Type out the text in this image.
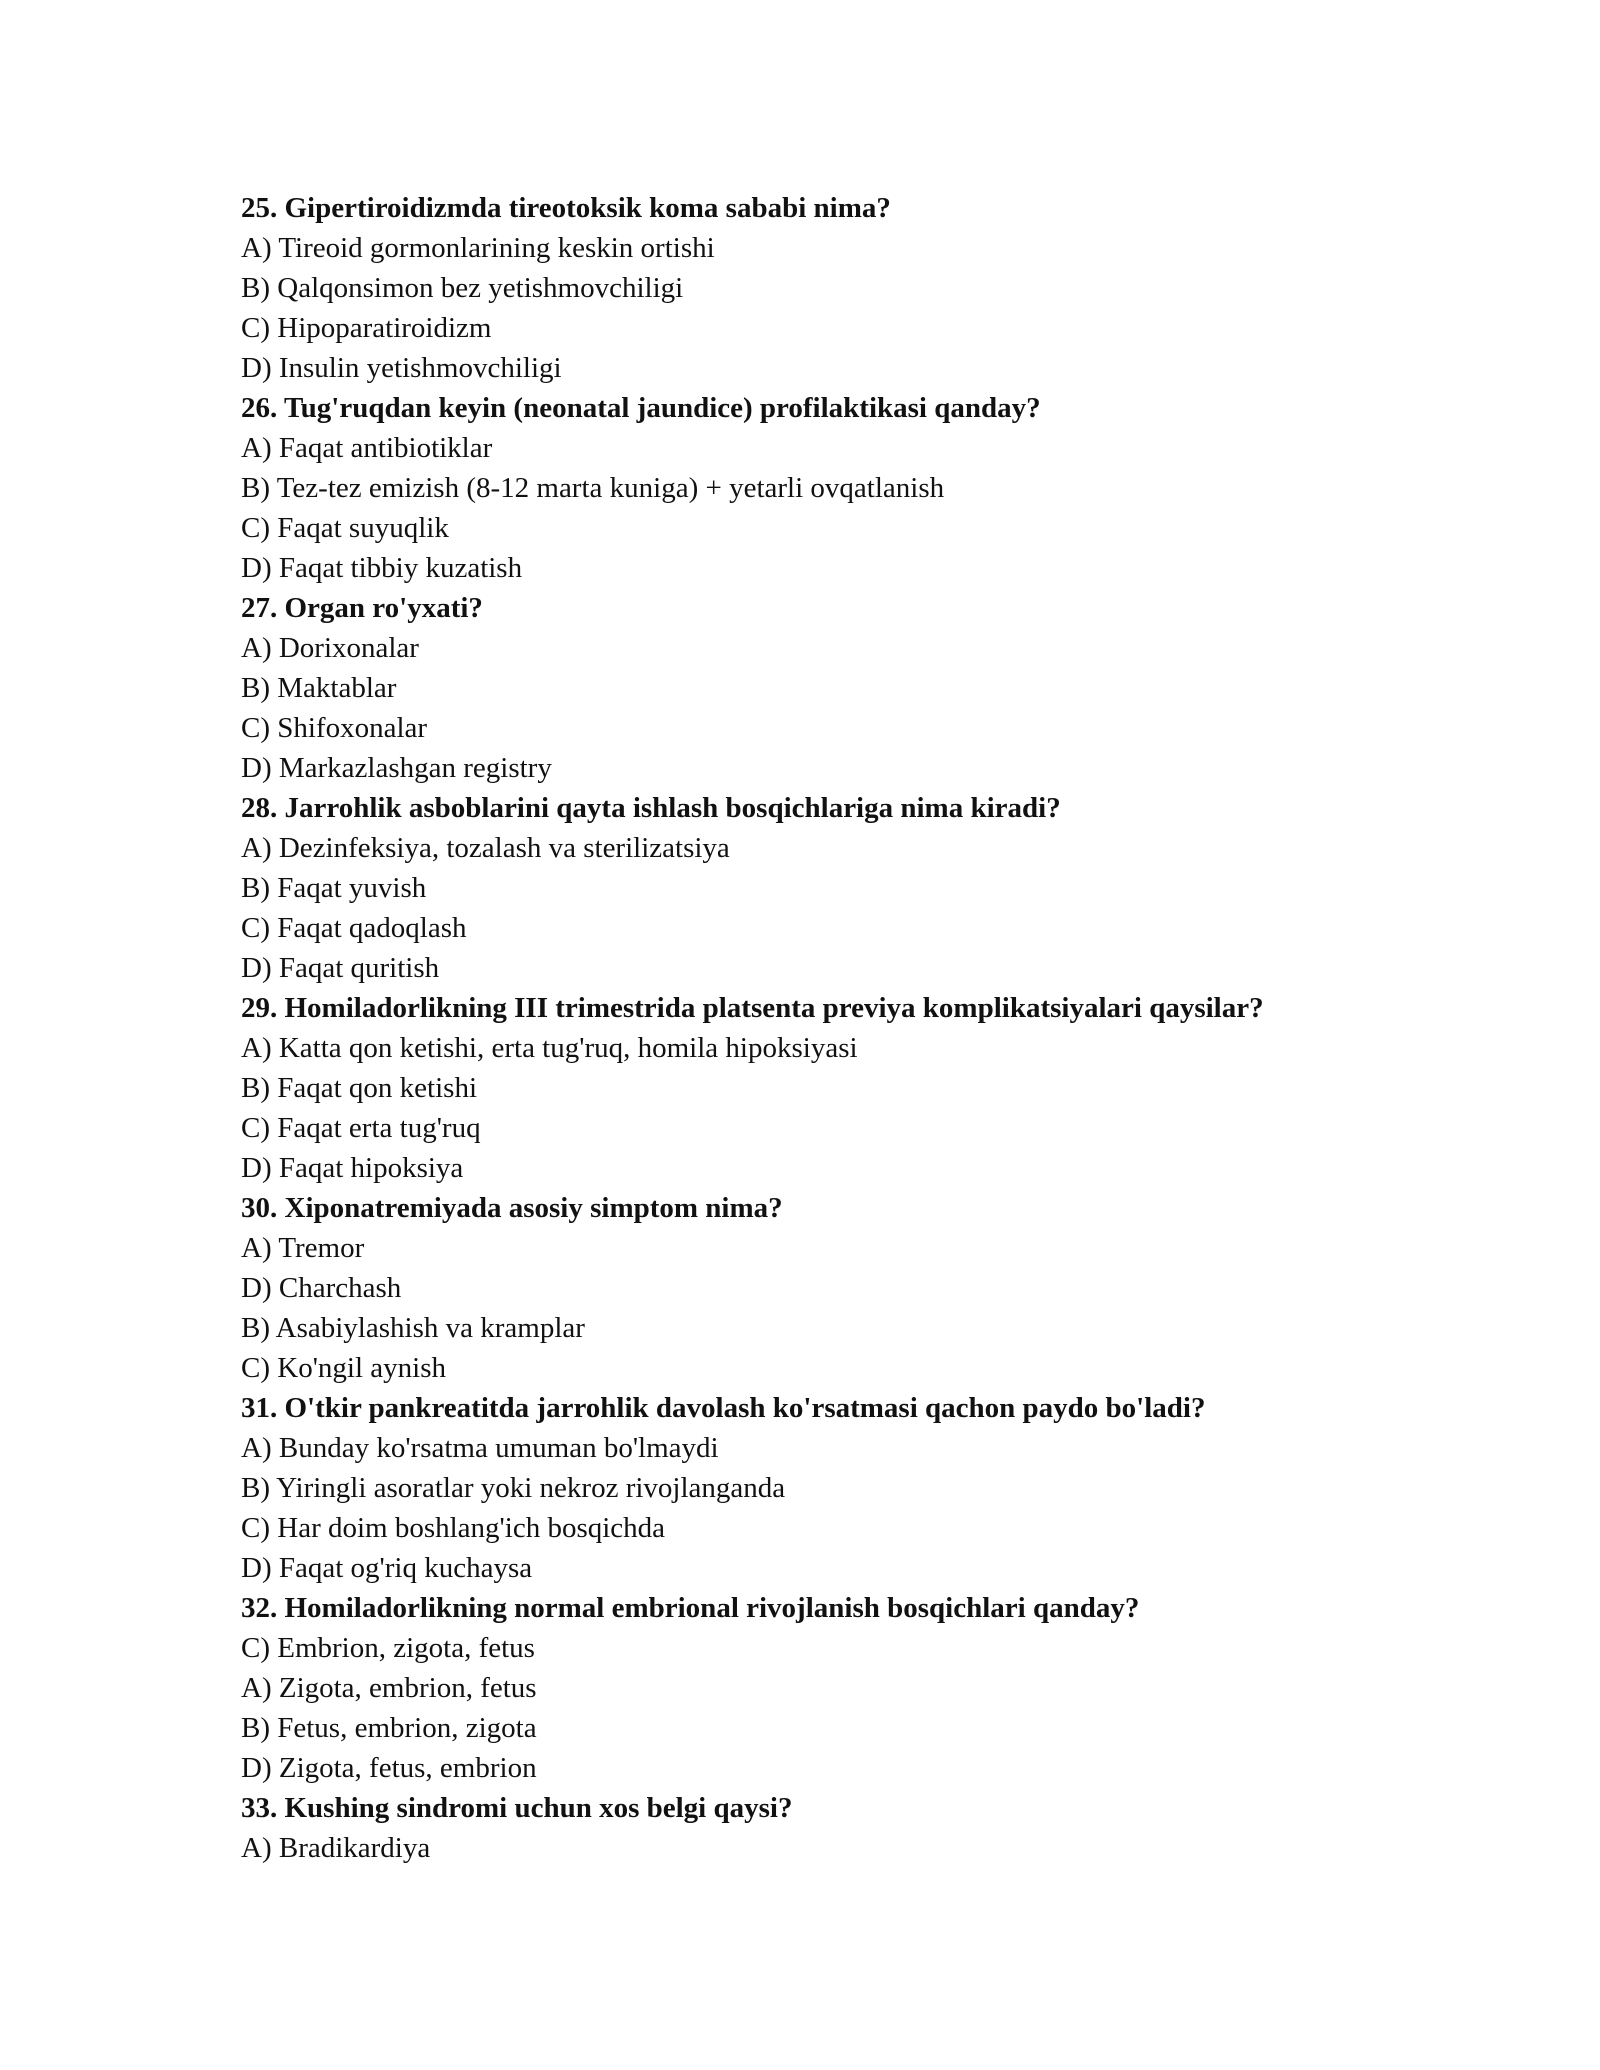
25. Gipertiroidizmda tireotoksik koma sababi nima?
A) Tireoid gormonlarining keskin ortishi
B) Qalqonsimon bez yetishmovchiligi
C) Hipoparatiroidizm
D) Insulin yetishmovchiligi
26. Tug'ruqdan keyin (neonatal jaundice) profilaktikasi qanday?
A) Faqat antibiotiklar
B) Tez-tez emizish (8-12 marta kuniga) + yetarli ovqatlanish
C) Faqat suyuqlik
D) Faqat tibbiy kuzatish
27. Organ ro'yxati?
A) Dorixonalar
B) Maktablar
C) Shifoxonalar
D) Markazlashgan registry
28. Jarrohlik asboblarini qayta ishlash bosqichlariga nima kiradi?
A) Dezinfeksiya, tozalash va sterilizatsiya
B) Faqat yuvish
C) Faqat qadoqlash
D) Faqat quritish
29. Homiladorlikning III trimestrida platsenta previya komplikatsiyalari qaysilar?
A) Katta qon ketishi, erta tug'ruq, homila hipoksiyasi
B) Faqat qon ketishi
C) Faqat erta tug'ruq
D) Faqat hipoksiya
30. Xiponatremiyada asosiy simptom nima?
A) Tremor
D) Charchash
B) Asabiylashish va kramplar
C) Ko'ngil aynish
31. O'tkir pankreatitda jarrohlik davolash ko'rsatmasi qachon paydo bo'ladi?
A) Bunday ko'rsatma umuman bo'lmaydi
B) Yiringli asoratlar yoki nekroz rivojlanganda
C) Har doim boshlang'ich bosqichda
D) Faqat og'riq kuchaysa
32. Homiladorlikning normal embrional rivojlanish bosqichlari qanday?
C) Embrion, zigota, fetus
A) Zigota, embrion, fetus
B) Fetus, embrion, zigota
D) Zigota, fetus, embrion
33. Kushing sindromi uchun xos belgi qaysi?
A) Bradikardiya
